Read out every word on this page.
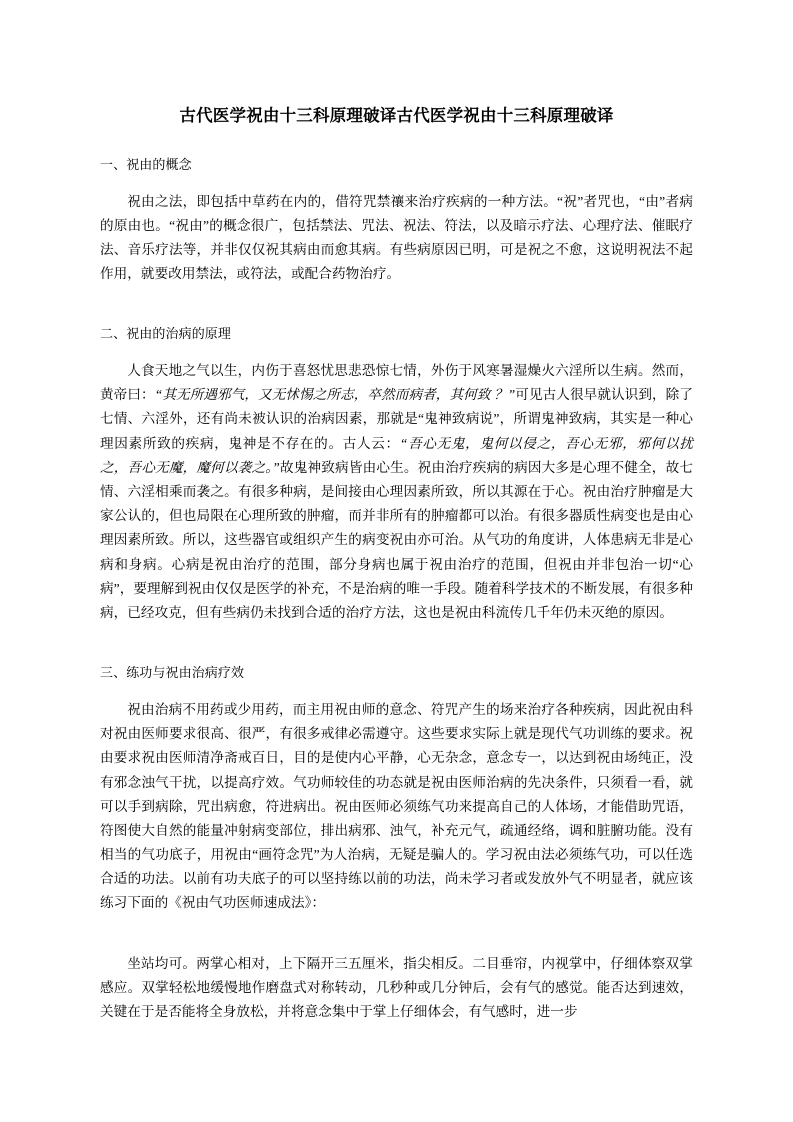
古代医学祝由十三科原理破译古代医学祝由十三科原理破译
一、祝由的概念

祝由之法，即包括中草药在内的，借符咒禁禳来治疗疾病的一种方法。“祝”者咒也，“由”者病的原由也。“祝由”的概念很广，包括禁法、咒法、祝法、符法，以及暗示疗法、心理疗法、催眠疗法、音乐疗法等，并非仅仅祝其病由而愈其病。有些病原因已明，可是祝之不愈，这说明祝法不起作用，就要改用禁法，或符法，或配合药物治疗。

二、祝由的治病的原理

人食天地之气以生，内伤于喜怒忧思悲恐惊七情，外伤于风寒暑湿燥火六淫所以生病。然而，黄帝曰：“其无所遇邪气，又无怵惕之所志，卒然而病者，其何致 ？”可见古人很早就认识到，除了七情、六淫外，还有尚未被认识的治病因素，那就是“鬼神致病说”，所谓鬼神致病，其实是一种心理因素所致的疾病，鬼神是不存在的。古人云：“吾心无鬼，鬼何以侵之，吾心无邪，邪何以扰之，吾心无魔，魔何以袭之。”故鬼神致病皆由心生。祝由治疗疾病的病因大多是心理不健全，故七情、六淫相乘而袭之。有很多种病，是间接由心理因素所致，所以其源在于心。祝由治疗肿瘤是大家公认的，但也局限在心理所致的肿瘤，而并非所有的肿瘤都可以治。有很多器质性病变也是由心理因素所致。所以，这些器官或组织产生的病变祝由亦可治。从气功的角度讲，人体患病无非是心病和身病。心病是祝由治疗的范围，部分身病也属于祝由治疗的范围，但祝由并非包治一切“心病”，要理解到祝由仅仅是医学的补充，不是治病的唯一手段。随着科学技术的不断发展，有很多种病，已经攻克，但有些病仍未找到合适的治疗方法，这也是祝由科流传几千年仍未灭绝的原因。

三、练功与祝由治病疗效

祝由治病不用药或少用药，而主用祝由师的意念、符咒产生的场来治疗各种疾病，因此祝由科对祝由医师要求很高、很严，有很多戒律必需遵守。这些要求实际上就是现代气功训练的要求。祝由要求祝由医师清净斋戒百日，目的是使内心平静，心无杂念，意念专一，以达到祝由场纯正，没有邪念浊气干扰，以提高疗效。气功师较佳的功态就是祝由医师治病的先决条件，只须看一看，就可以手到病除，咒出病愈，符进病出。祝由医师必须练气功来提高自己的人体场，才能借助咒语，符图使大自然的能量冲射病变部位，排出病邪、浊气，补充元气，疏通经络，调和脏腑功能。没有相当的气功底子，用祝由“画符念咒”为人治病，无疑是骗人的。学习祝由法必须练气功，可以任选合适的功法。以前有功夫底子的可以坚持练以前的功法，尚未学习者或发放外气不明显者，就应该练习下面的《祝由气功医师速成法》：

坐站均可。两掌心相对，上下隔开三五厘米，指尖相反。二目垂帘，内视掌中，仔细体察双掌感应。双掌轻松地缓慢地作磨盘式对称转动，几秒种或几分钟后，会有气的感觉。能否达到速效，关键在于是否能将全身放松，并将意念集中于掌上仔细体会，有气感时，进一步
